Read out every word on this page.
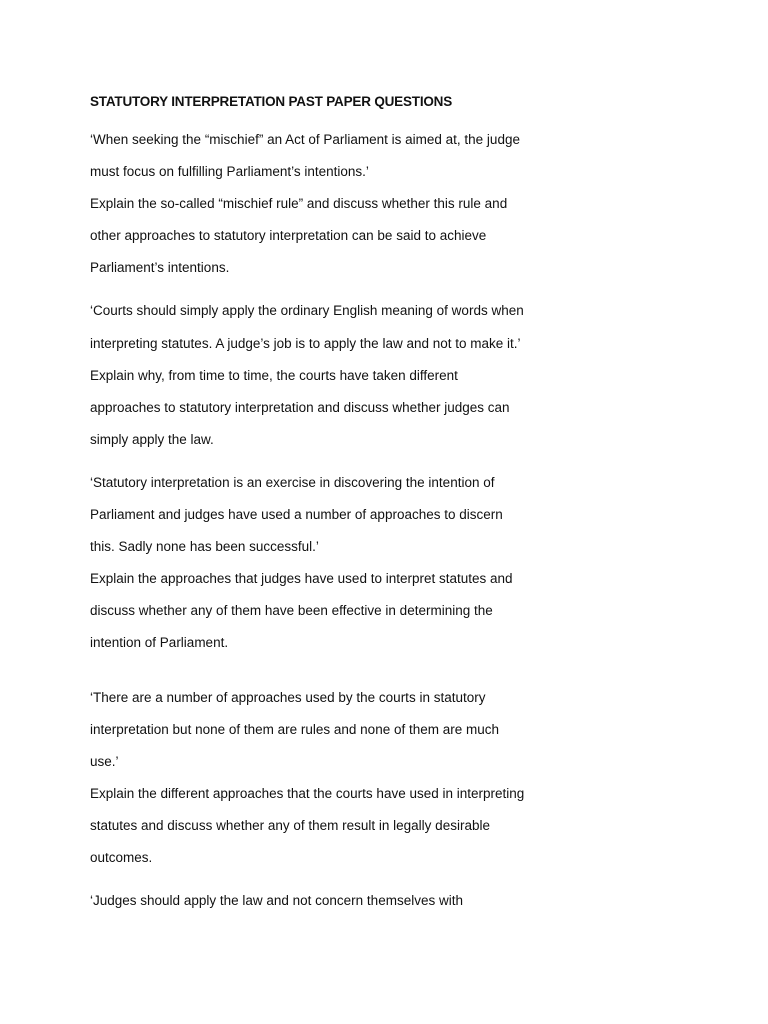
STATUTORY INTERPRETATION PAST PAPER QUESTIONS
‘When seeking the “mischief” an Act of Parliament is aimed at, the judge
must focus on fulfilling Parliament’s intentions.’
Explain the so-called “mischief rule” and discuss whether this rule and
other approaches to statutory interpretation can be said to achieve
Parliament’s intentions.
‘Courts should simply apply the ordinary English meaning of words when
interpreting statutes. A judge’s job is to apply the law and not to make it.’
Explain why, from time to time, the courts have taken different
approaches to statutory interpretation and discuss whether judges can
simply apply the law.
‘Statutory interpretation is an exercise in discovering the intention of
Parliament and judges have used a number of approaches to discern
this. Sadly none has been successful.’
Explain the approaches that judges have used to interpret statutes and
discuss whether any of them have been effective in determining the
intention of Parliament.
‘There are a number of approaches used by the courts in statutory
interpretation but none of them are rules and none of them are much
use.’
Explain the different approaches that the courts have used in interpreting
statutes and discuss whether any of them result in legally desirable
outcomes.
‘Judges should apply the law and not concern themselves with
